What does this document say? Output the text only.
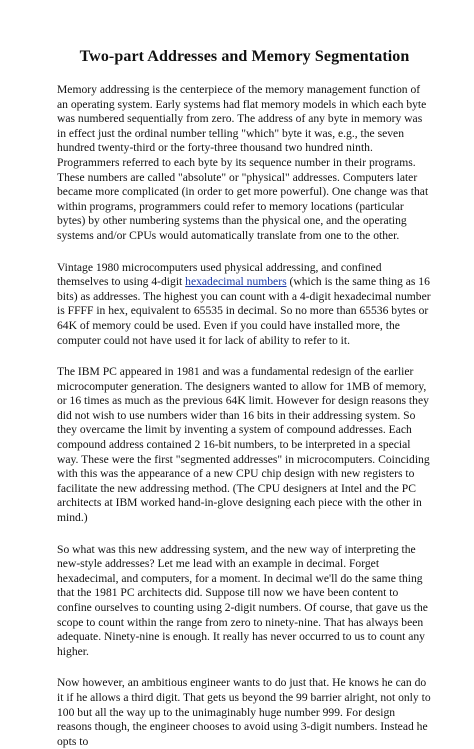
Two-part Addresses and Memory Segmentation

Memory addressing is the centerpiece of the memory management function of an operating system. Early systems had flat memory models in which each byte was numbered sequentially from zero. The address of any byte in memory was in effect just the ordinal number telling "which" byte it was, e.g., the seven hundred twenty-third or the forty-three thousand two hundred ninth. Programmers referred to each byte by its sequence number in their programs. These numbers are called "absolute" or "physical" addresses. Computers later became more complicated (in order to get more powerful). One change was that within programs, programmers could refer to memory locations (particular bytes) by other numbering systems than the physical one, and the operating systems and/or CPUs would automatically translate from one to the other.

Vintage 1980 microcomputers used physical addressing, and confined themselves to using 4-digit hexadecimal numbers (which is the same thing as 16 bits) as addresses. The highest you can count with a 4-digit hexadecimal number is FFFF in hex, equivalent to 65535 in decimal. So no more than 65536 bytes or 64K of memory could be used. Even if you could have installed more, the computer could not have used it for lack of ability to refer to it.

The IBM PC appeared in 1981 and was a fundamental redesign of the earlier microcomputer generation. The designers wanted to allow for 1MB of memory, or 16 times as much as the previous 64K limit. However for design reasons they did not wish to use numbers wider than 16 bits in their addressing system. So they overcame the limit by inventing a system of compound addresses. Each compound address contained 2 16-bit numbers, to be interpreted in a special way. These were the first "segmented addresses" in microcomputers. Coinciding with this was the appearance of a new CPU chip design with new registers to facilitate the new addressing method. (The CPU designers at Intel and the PC architects at IBM worked hand-in-glove designing each piece with the other in mind.)

So what was this new addressing system, and the new way of interpreting the new-style addresses? Let me lead with an example in decimal. Forget hexadecimal, and computers, for a moment. In decimal we'll do the same thing that the 1981 PC architects did. Suppose till now we have been content to confine ourselves to counting using 2-digit numbers. Of course, that gave us the scope to count within the range from zero to ninety-nine. That has always been adequate. Ninety-nine is enough. It really has never occurred to us to count any higher.

Now however, an ambitious engineer wants to do just that. He knows he can do it if he allows a third digit. That gets us beyond the 99 barrier alright, not only to 100 but all the way up to the unimaginably huge number 999. For design reasons though, the engineer chooses to avoid using 3-digit numbers. Instead he opts to
